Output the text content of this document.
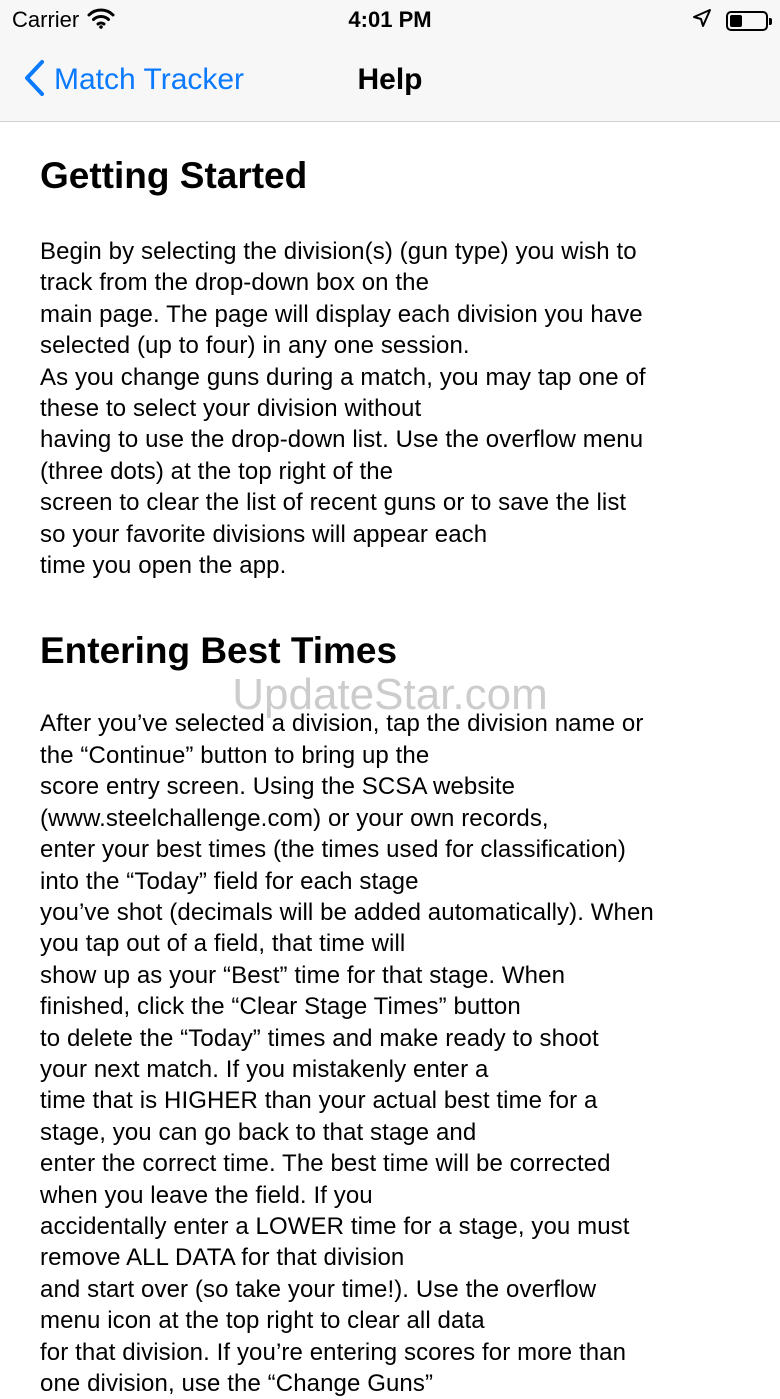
Carrier	4:01 PM
Match Tracker	Help
Getting Started

Begin by selecting the division(s) (gun type) you wish to
track from the drop-down box on the
main page. The page will display each division you have
selected (up to four) in any one session.
As you change guns during a match, you may tap one of
these to select your division without
having to use the drop-down list. Use the overflow menu
(three dots) at the top right of the
screen to clear the list of recent guns or to save the list
so your favorite divisions will appear each
time you open the app.

Entering Best Times

After you’ve selected a division, tap the division name or
the “Continue” button to bring up the
score entry screen. Using the SCSA website
(www.steelchallenge.com) or your own records,
enter your best times (the times used for classification)
into the “Today” field for each stage
you’ve shot (decimals will be added automatically). When
you tap out of a field, that time will
show up as your “Best” time for that stage. When
finished, click the “Clear Stage Times” button
to delete the “Today” times and make ready to shoot
your next match. If you mistakenly enter a
time that is HIGHER than your actual best time for a
stage, you can go back to that stage and
enter the correct time. The best time will be corrected
when you leave the field. If you
accidentally enter a LOWER time for a stage, you must
remove ALL DATA for that division
and start over (so take your time!). Use the overflow
menu icon at the top right to clear all data
for that division. If you’re entering scores for more than
one division, use the “Change Guns”

UpdateStar.com
